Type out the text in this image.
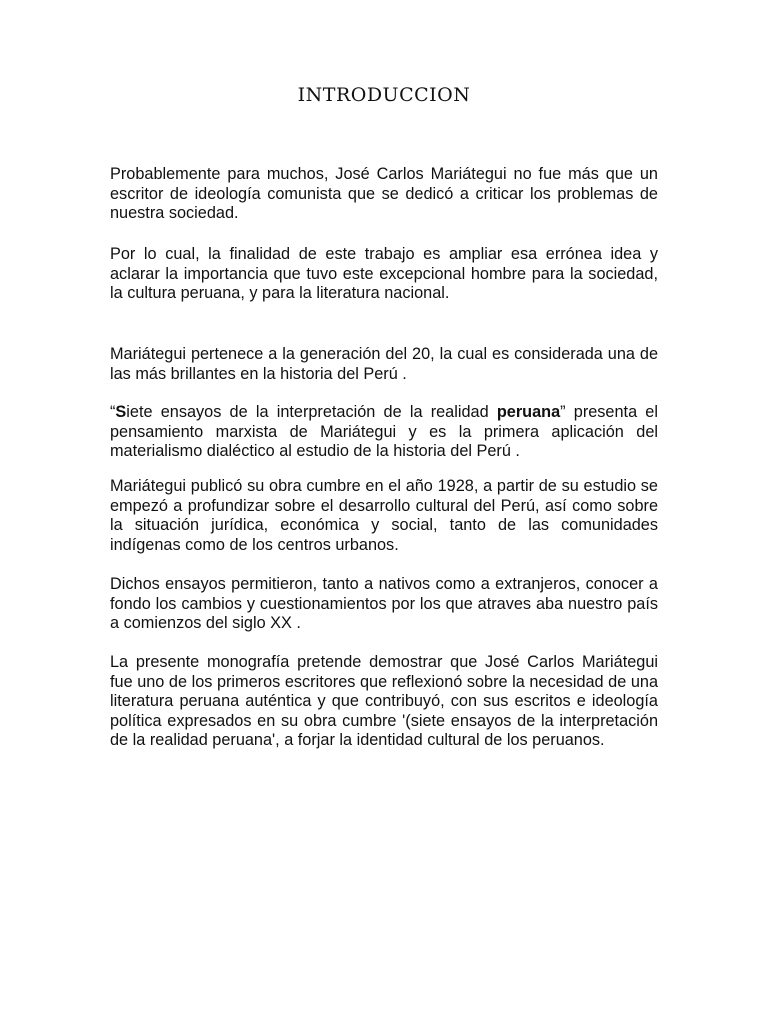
INTRODUCCION

Probablemente para muchos, José Carlos Mariátegui no fue más que un escritor de ideología comunista que se dedicó a criticar los problemas de nuestra sociedad.

Por lo cual, la finalidad de este trabajo es ampliar esa errónea idea y aclarar la importancia que tuvo este excepcional hombre para la sociedad, la cultura peruana, y para la literatura nacional.

Mariátegui pertenece a la generación del 20, la cual es considerada una de las más brillantes en la historia del Perú .

“Siete ensayos de la interpretación de la realidad peruana” presenta el pensamiento marxista de Mariátegui y es la primera aplicación del materialismo dialéctico al estudio de la historia del Perú .

Mariátegui publicó su obra cumbre en el año 1928, a partir de su estudio se empezó a profundizar sobre el desarrollo cultural del Perú, así como sobre la situación jurídica, económica y social, tanto de las comunidades indígenas como de los centros urbanos.

Dichos ensayos permitieron, tanto a nativos como a extranjeros, conocer a fondo los cambios y cuestionamientos por los que atraves aba nuestro país a comienzos del siglo XX .

La presente monografía pretende demostrar que José Carlos Mariátegui fue uno de los primeros escritores que reflexionó sobre la necesidad de una literatura peruana auténtica y que contribuyó, con sus escritos e ideología política expresados en su obra cumbre '(siete ensayos de la interpretación de la realidad peruana', a forjar la identidad cultural de los peruanos.
